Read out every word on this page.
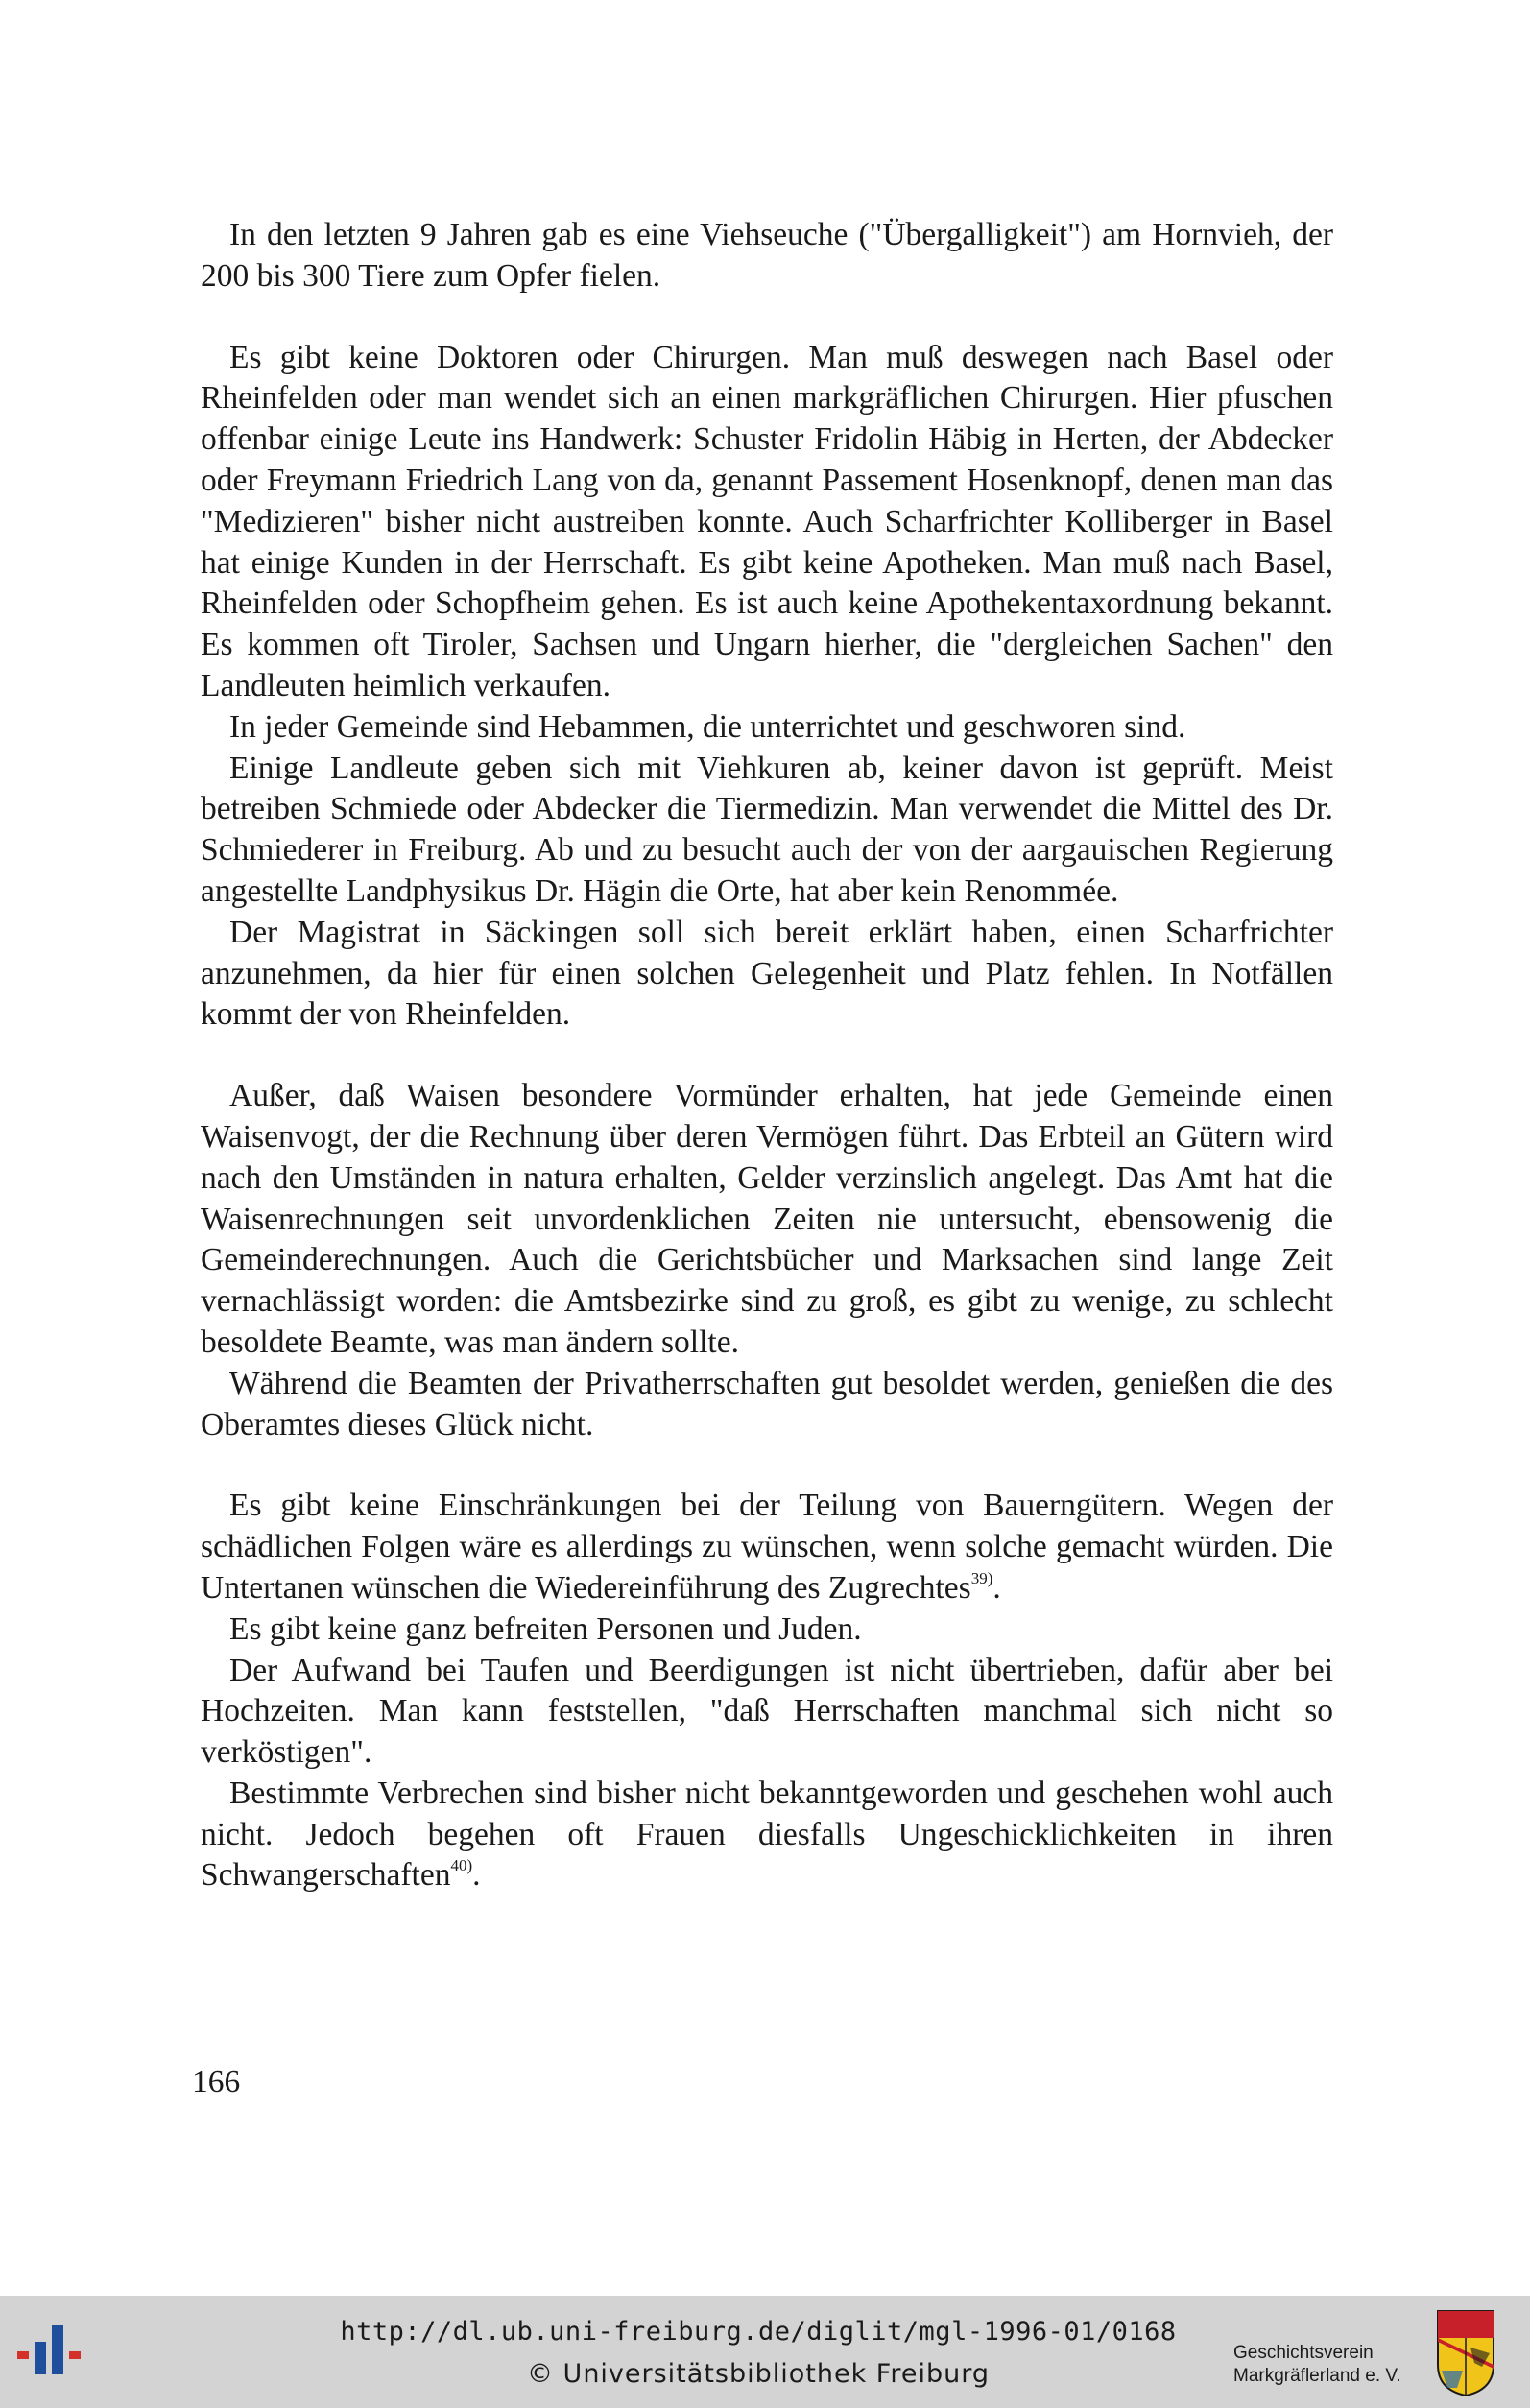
In den letzten 9 Jahren gab es eine Viehseuche ("Übergalligkeit") am Hornvieh, der 200 bis 300 Tiere zum Opfer fielen.

Es gibt keine Doktoren oder Chirurgen. Man muß deswegen nach Basel oder Rheinfelden oder man wendet sich an einen markgräflichen Chirurgen. Hier pfuschen offenbar einige Leute ins Handwerk: Schuster Fridolin Häbig in Herten, der Abdecker oder Freymann Friedrich Lang von da, genannt Passement Hosenknopf, denen man das "Medizieren" bisher nicht austreiben konnte. Auch Scharfrichter Kolliberger in Basel hat einige Kunden in der Herrschaft. Es gibt keine Apotheken. Man muß nach Basel, Rheinfelden oder Schopfheim gehen. Es ist auch keine Apothekentaxordnung bekannt. Es kommen oft Tiroler, Sachsen und Ungarn hierher, die "dergleichen Sachen" den Landleuten heimlich verkaufen.

In jeder Gemeinde sind Hebammen, die unterrichtet und geschworen sind.

Einige Landleute geben sich mit Viehkuren ab, keiner davon ist geprüft. Meist betreiben Schmiede oder Abdecker die Tiermedizin. Man verwendet die Mittel des Dr. Schmiederer in Freiburg. Ab und zu besucht auch der von der aargauischen Regierung angestellte Landphysikus Dr. Hägin die Orte, hat aber kein Renommée.

Der Magistrat in Säckingen soll sich bereit erklärt haben, einen Scharfrichter anzunehmen, da hier für einen solchen Gelegenheit und Platz fehlen. In Notfällen kommt der von Rheinfelden.

Außer, daß Waisen besondere Vormünder erhalten, hat jede Gemeinde einen Waisenvogt, der die Rechnung über deren Vermögen führt. Das Erbteil an Gütern wird nach den Umständen in natura erhalten, Gelder verzinslich angelegt. Das Amt hat die Waisenrechnungen seit unvordenklichen Zeiten nie untersucht, ebensowenig die Gemeinderechnungen. Auch die Gerichtsbücher und Marksachen sind lange Zeit vernachlässigt worden: die Amtsbezirke sind zu groß, es gibt zu wenige, zu schlecht besoldete Beamte, was man ändern sollte.

Während die Beamten der Privatherrschaften gut besoldet werden, genießen die des Oberamtes dieses Glück nicht.

Es gibt keine Einschränkungen bei der Teilung von Bauerngütern. Wegen der schädlichen Folgen wäre es allerdings zu wünschen, wenn solche gemacht würden. Die Untertanen wünschen die Wiedereinführung des Zugrechtes$^{39)}$.

Es gibt keine ganz befreiten Personen und Juden.

Der Aufwand bei Taufen und Beerdigungen ist nicht übertrieben, dafür aber bei Hochzeiten. Man kann feststellen, "daß Herrschaften manchmal sich nicht so verköstigen".

Bestimmte Verbrechen sind bisher nicht bekanntgeworden und geschehen wohl auch nicht. Jedoch begehen oft Frauen diesfalls Ungeschicklichkeiten in ihren Schwangerschaften$^{40)}$.

166
http://dl.ub.uni-freiburg.de/diglit/mgl-1996-01/0168
© Universitätsbibliothek Freiburg
Geschichtsverein
Markgräflerland e. V.
